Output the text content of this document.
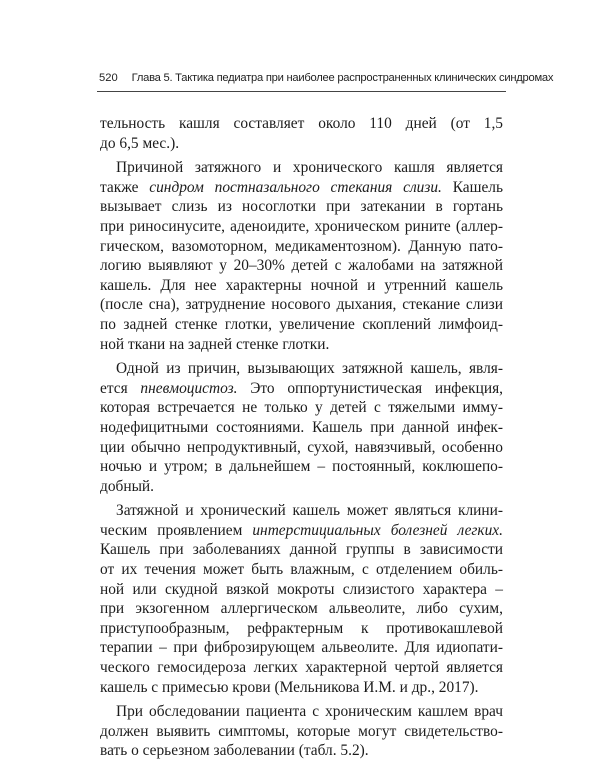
520 Глава 5. Тактика педиатра при наиболее распространенных клинических синдромах

тельность кашля составляет около 110 дней (от 1,5
до 6,5 мес.).

Причиной затяжного и хронического кашля является
также синдром постназального стекания слизи. Кашель
вызывает слизь из носоглотки при затекании в гортань
при риносинусите, аденоидите, хроническом рините (аллер-
гическом, вазомоторном, медикаментозном). Данную пато-
логию выявляют у 20–30% детей с жалобами на затяжной
кашель. Для нее характерны ночной и утренний кашель
(после сна), затруднение носового дыхания, стекание слизи
по задней стенке глотки, увеличение скоплений лимфоид-
ной ткани на задней стенке глотки.

Одной из причин, вызывающих затяжной кашель, явля-
ется пневмоцистоз. Это оппортунистическая инфекция,
которая встречается не только у детей с тяжелыми имму-
нодефицитными состояниями. Кашель при данной инфек-
ции обычно непродуктивный, сухой, навязчивый, особенно
ночью и утром; в дальнейшем – постоянный, коклюшепо-
добный.

Затяжной и хронический кашель может являться клини-
ческим проявлением интерстициальных болезней легких.
Кашель при заболеваниях данной группы в зависимости
от их течения может быть влажным, с отделением обиль-
ной или скудной вязкой мокроты слизистого характера –
при экзогенном аллергическом альвеолите, либо сухим,
приступообразным, рефрактерным к противокашлевой
терапии – при фиброзирующем альвеолите. Для идиопати-
ческого гемосидероза легких характерной чертой является
кашель с примесью крови (Мельникова И.М. и др., 2017).

При обследовании пациента с хроническим кашлем врач
должен выявить симптомы, которые могут свидетельство-
вать о серьезном заболевании (табл. 5.2).
